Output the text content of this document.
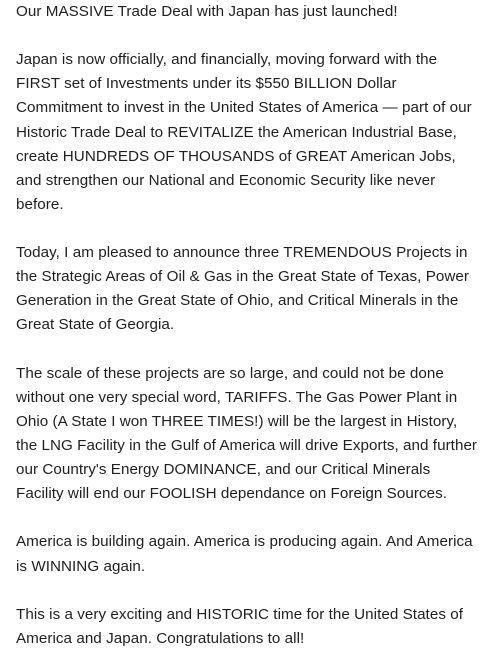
Our MASSIVE Trade Deal with Japan has just launched!

Japan is now officially, and financially, moving forward with the FIRST set of Investments under its $550 BILLION Dollar Commitment to invest in the United States of America — part of our Historic Trade Deal to REVITALIZE the American Industrial Base, create HUNDREDS OF THOUSANDS of GREAT American Jobs, and strengthen our National and Economic Security like never before.

Today, I am pleased to announce three TREMENDOUS Projects in the Strategic Areas of Oil & Gas in the Great State of Texas, Power Generation in the Great State of Ohio, and Critical Minerals in the Great State of Georgia.

The scale of these projects are so large, and could not be done without one very special word, TARIFFS. The Gas Power Plant in Ohio (A State I won THREE TIMES!) will be the largest in History, the LNG Facility in the Gulf of America will drive Exports, and further our Country's Energy DOMINANCE, and our Critical Minerals Facility will end our FOOLISH dependance on Foreign Sources.

America is building again. America is producing again. And America is WINNING again.

This is a very exciting and HISTORIC time for the United States of America and Japan. Congratulations to all!
